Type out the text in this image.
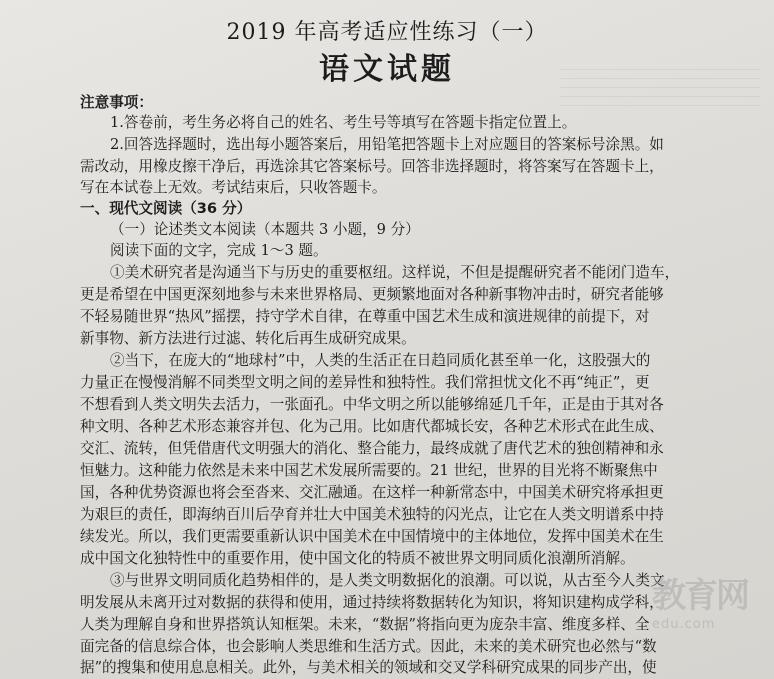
2019 年高考适应性练习（一）
语文试题
注意事项：
1.答卷前，考生务必将自己的姓名、考生号等填写在答题卡指定位置上。
2.回答选择题时，选出每小题答案后，用铅笔把答题卡上对应题目的答案标号涂黑。如
需改动，用橡皮擦干净后，再选涂其它答案标号。回答非选择题时，将答案写在答题卡上，
写在本试卷上无效。考试结束后，只收答题卡。
一、现代文阅读（36 分）
（一）论述类文本阅读（本题共 3 小题，9 分）
阅读下面的文字，完成 1～3 题。
①美术研究者是沟通当下与历史的重要枢纽。这样说，不但是提醒研究者不能闭门造车，
更是希望在中国更深刻地参与未来世界格局、更频繁地面对各种新事物冲击时，研究者能够
不轻易随世界“热风”摇摆，持守学术自律，在尊重中国艺术生成和演进规律的前提下，对
新事物、新方法进行过滤、转化后再生成研究成果。
②当下，在庞大的“地球村”中，人类的生活正在日趋同质化甚至单一化，这股强大的
力量正在慢慢消解不同类型文明之间的差异性和独特性。我们常担忧文化不再“纯正”，更
不想看到人类文明失去活力，一张面孔。中华文明之所以能够绵延几千年，正是由于其对各
种文明、各种艺术形态兼容并包、化为己用。比如唐代都城长安，各种艺术形式在此生成、
交汇、流转，但凭借唐代文明强大的消化、整合能力，最终成就了唐代艺术的独创精神和永
恒魅力。这种能力依然是未来中国艺术发展所需要的。21 世纪，世界的目光将不断聚焦中
国，各种优势资源也将会至沓来、交汇融通。在这样一种新常态中，中国美术研究将承担更
为艰巨的责任，即海纳百川后孕育并壮大中国美术独特的闪光点，让它在人类文明谱系中持
续发光。所以，我们更需要重新认识中国美术在中国情境中的主体地位，发挥中国美术在生
成中国文化独特性中的重要作用，使中国文化的特质不被世界文明同质化浪潮所消解。
③与世界文明同质化趋势相伴的，是人类文明数据化的浪潮。可以说，从古至今人类文
明发展从未离开过对数据的获得和使用，通过持续将数据转化为知识，将知识建构成学科，
人类为理解自身和世界搭筑认知框架。未来，“数据”将指向更为庞杂丰富、维度多样、全
面完备的信息综合体，也会影响人类思维和生活方式。因此，未来的美术研究也必然与“数
据”的搜集和使用息息相关。此外，与美术相关的领域和交叉学科研究成果的同步产出，使
教育网
edu.com
